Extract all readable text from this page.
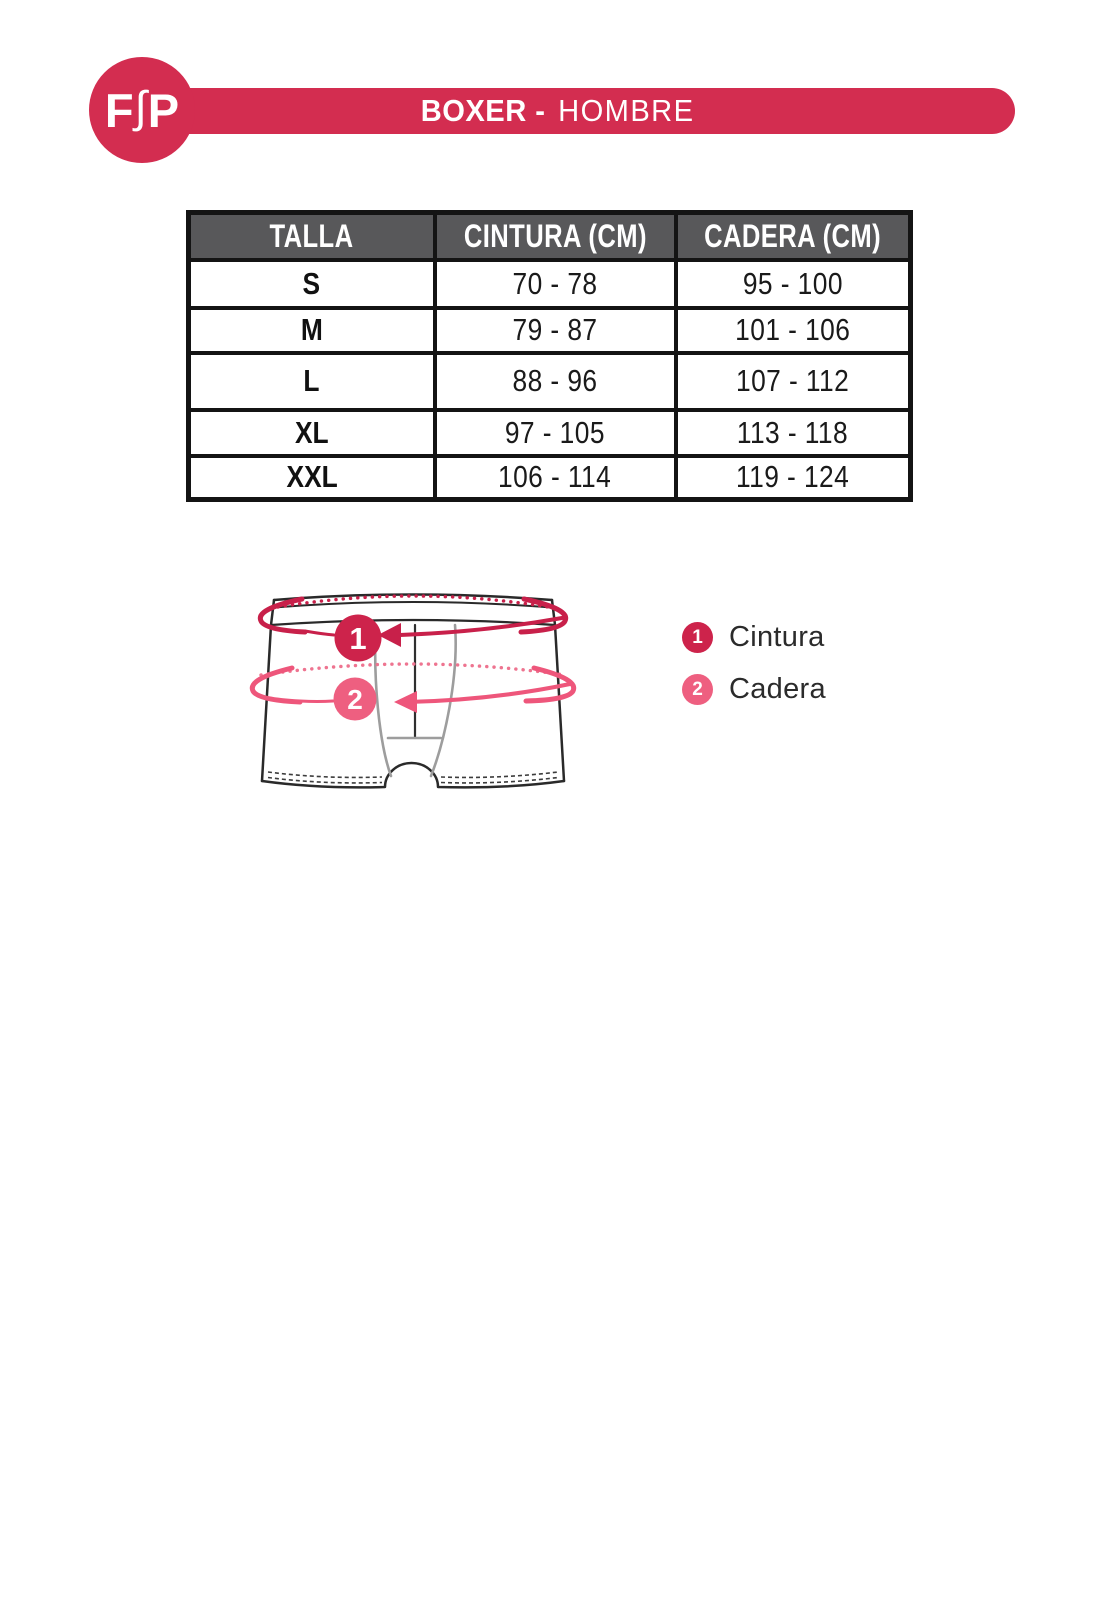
BOXER - HOMBRE
F ∫ P
TALLA	CINTURA (CM)	CADERA (CM)
S	70 - 78	95 - 100
M	79 - 87	101 - 106
L	88 - 96	107 - 112
XL	97 - 105	113 - 118
XXL	106 - 114	119 - 124
1
2
1 Cintura
2 Cadera
